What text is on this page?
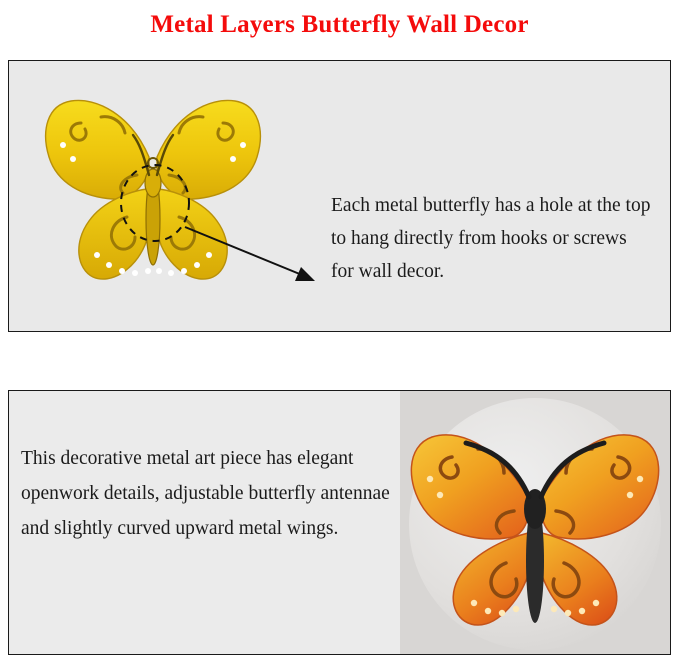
Metal Layers Butterfly Wall Decor
Each metal butterfly has a hole at the top to hang directly from hooks or screws for wall decor.
This decorative metal art piece has elegant openwork details, adjustable butterfly antennae and slightly curved upward metal wings.
